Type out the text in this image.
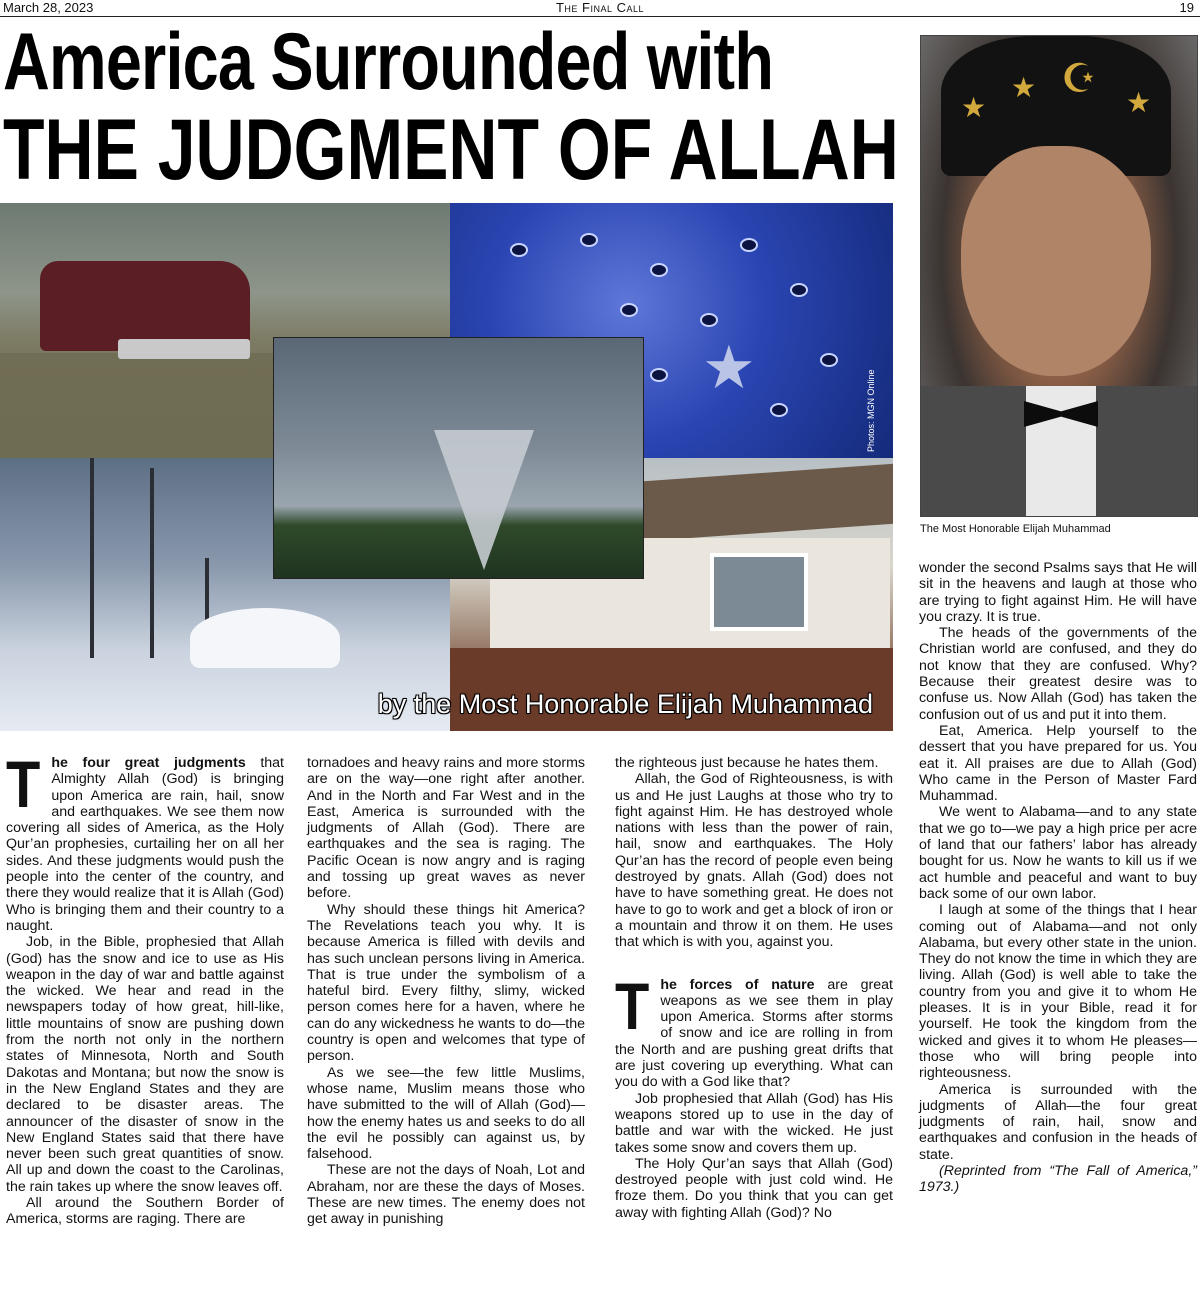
March 28, 2023	The Final Call	19
America Surrounded with
THE JUDGMENT OF ALLAH
★
Photos: MGN Online
by the Most Honorable Elijah Muhammad
★
★ ☪
★
The Most Honorable Elijah Muhammad

The four great judgments that Almighty Allah (God) is bringing upon America are rain, hail, snow and earthquakes. We see them now covering all sides of America, as the Holy Qur’an prophesies, curtailing her on all her sides. And these judgments would push the people into the center of the country, and there they would realize that it is Allah (God) Who is bringing them and their country to a naught.

Job, in the Bible, prophesied that Allah (God) has the snow and ice to use as His weapon in the day of war and battle against the wicked. We hear and read in the newspapers today of how great, hill-like, little mountains of snow are pushing down from the north not only in the northern states of Minnesota, North and South Dakotas and Montana; but now the snow is in the New England States and they are declared to be disaster areas. The announcer of the disaster of snow in the New England States said that there have never been such great quantities of snow. All up and down the coast to the Carolinas, the rain takes up where the snow leaves off.

All around the Southern Border of America, storms are raging. There are

tornadoes and heavy rains and more storms are on the way—one right after another. And in the North and Far West and in the East, America is surrounded with the judgments of Allah (God). There are earthquakes and the sea is raging. The Pacific Ocean is now angry and is raging and tossing up great waves as never before.

Why should these things hit America? The Revelations teach you why. It is because America is filled with devils and has such unclean persons living in America. That is true under the symbolism of a hateful bird. Every filthy, slimy, wicked person comes here for a haven, where he can do any wickedness he wants to do—the country is open and welcomes that type of person.

As we see—the few little Muslims, whose name, Muslim means those who have submitted to the will of Allah (God)—how the enemy hates us and seeks to do all the evil he possibly can against us, by falsehood.

These are not the days of Noah, Lot and Abraham, nor are these the days of Moses. These are new times. The enemy does not get away in punishing

the righteous just because he hates them.

Allah, the God of Righteousness, is with us and He just Laughs at those who try to fight against Him. He has destroyed whole nations with less than the power of rain, hail, snow and earthquakes. The Holy Qur’an has the record of people even being destroyed by gnats. Allah (God) does not have to have something great. He does not have to go to work and get a block of iron or a mountain and throw it on them. He uses that which is with you, against you.

The forces of nature are great weapons as we see them in play upon America. Storms after storms of snow and ice are rolling in from the North and are pushing great drifts that are just covering up everything. What can you do with a God like that?

Job prophesied that Allah (God) has His weapons stored up to use in the day of battle and war with the wicked. He just takes some snow and covers them up.

The Holy Qur’an says that Allah (God) destroyed people with just cold wind. He froze them. Do you think that you can get away with fighting Allah (God)? No

wonder the second Psalms says that He will sit in the heavens and laugh at those who are trying to fight against Him. He will have you crazy. It is true.

The heads of the governments of the Christian world are confused, and they do not know that they are confused. Why? Because their greatest desire was to confuse us. Now Allah (God) has taken the confusion out of us and put it into them.

Eat, America. Help yourself to the dessert that you have prepared for us. You eat it. All praises are due to Allah (God) Who came in the Person of Master Fard Muhammad.

We went to Alabama—and to any state that we go to—we pay a high price per acre of land that our fathers’ labor has already bought for us. Now he wants to kill us if we act humble and peaceful and want to buy back some of our own labor.

I laugh at some of the things that I hear coming out of Alabama—and not only Alabama, but every other state in the union. They do not know the time in which they are living. Allah (God) is well able to take the country from you and give it to whom He pleases. It is in your Bible, read it for yourself. He took the kingdom from the wicked and gives it to whom He pleases—those who will bring people into righteousness.

America is surrounded with the judgments of Allah—the four great judgments of rain, hail, snow and earthquakes and confusion in the heads of state.

(Reprinted from “The Fall of America,” 1973.)
